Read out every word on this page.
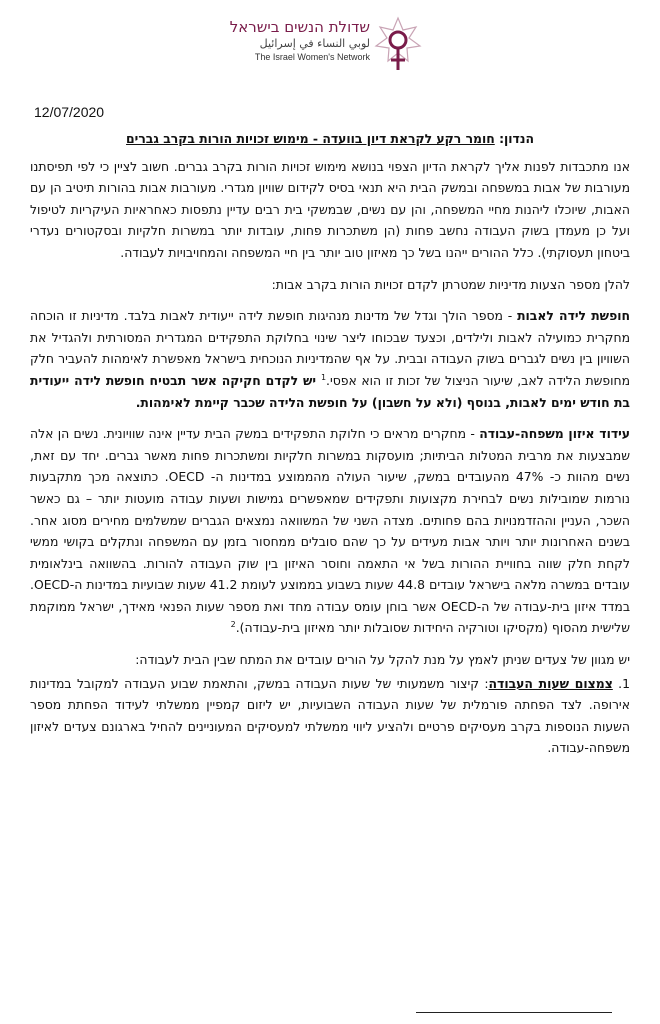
שדולת הנשים בישראל
لوبي النساء في إسرائيل
The Israel Women's Network
12/07/2020

הנדון: חומר רקע לקראת דיון בוועדה - מימוש זכויות הורות בקרב גברים

אנו מתכבדות לפנות אליך לקראת הדיון הצפוי בנושא מימוש זכויות הורות בקרב גברים. חשוב לציין כי לפי תפיסתנו מעורבות של אבות במשפחה ובמשק הבית היא תנאי בסיס לקידום שוויון מגדרי. מעורבות אבות בהורות תיטיב הן עם האבות, שיוכלו ליהנות מחיי המשפחה, והן עם נשים, שבמשקי בית רבים עדיין נתפסות כאחראיות העיקריות לטיפול ועל כן מעמדן בשוק העבודה נחשב פחות (הן משתכרות פחות, עובדות יותר במשרות חלקיות ובסקטורים נעדרי ביטחון תעסוקתי). כלל ההורים ייהנו בשל כך מאיזון טוב יותר בין חיי המשפחה והמחויבויות לעבודה.

להלן מספר הצעות מדיניות שמטרתן לקדם זכויות הורות בקרב אבות:

חופשת לידה לאבות - מספר הולך וגדל של מדינות מנהיגות חופשת לידה ייעודית לאבות בלבד. מדיניות זו הוכחה מחקרית כמועילה לאבות ולילדים, וכצעד שבכוחו ליצר שינוי בחלוקת התפקידים המגדרית המסורתית ולהגדיל את השוויון בין נשים לגברים בשוק העבודה ובבית. על אף שהמדיניות הנוכחית בישראל מאפשרת לאימהות להעביר חלק מחופשת הלידה לאב, שיעור הניצול של זכות זו הוא אפסי.$^1$ יש לקדם חקיקה אשר תבטיח חופשת לידה ייעודית בת חודש ימים לאבות, בנוסף (ולא על חשבון) על חופשת הלידה שכבר קיימת לאימהות.

עידוד איזון משפחה-עבודה - מחקרים מראים כי חלוקת התפקידים במשק הבית עדיין אינה שוויונית. נשים הן אלה שמבצעות את מרבית המטלות הביתיות; מועסקות במשרות חלקיות ומשתכרות פחות מאשר גברים. יחד עם זאת, נשים מהוות כ- 47% מהעובדים במשק, שיעור העולה מהממוצע במדינות ה- OECD. כתוצאה מכך מתקבעות נורמות שמובילות נשים לבחירת מקצועות ותפקידים שמאפשרים גמישות ושעות עבודה מועטות יותר – גם כאשר השכר, העניין וההזדמנויות בהם פחותים. מצדה השני של המשוואה נמצאים הגברים שמשלמים מחירים מסוג אחר. בשנים האחרונות יותר ויותר אבות מעידים על כך שהם סובלים ממחסור בזמן עם המשפחה ונתקלים בקושי ממשי לקחת חלק שווה בחוויית ההורות בשל אי התאמה וחוסר האיזון בין שוק העבודה להורות. בהשוואה בינלאומית עובדים במשרה מלאה בישראל עובדים 44.8 שעות בשבוע בממוצע לעומת 41.2 שעות שבועיות במדינות ה-OECD. במדד איזון בית-עבודה של ה-OECD אשר בוחן עומס עבודה מחד ואת מספר שעות הפנאי מאידך, ישראל ממוקמת שלישית מהסוף (מקסיקו וטורקיה היחידות שסובלות יותר מאיזון בית-עבודה).$^2$

יש מגוון של צעדים שניתן לאמץ על מנת להקל על הורים עובדים את המתח שבין הבית לעבודה:

1. צמצום שעות העבודה: קיצור משמעותי של שעות העבודה במשק, והתאמת שבוע העבודה למקובל במדינות אירופה. לצד הפחתה פורמלית של שעות העבודה השבועיות, יש ליזום קמפיין ממשלתי לעידוד הפחתת מספר השעות הנוספות בקרב מעסיקים פרטיים ולהציע ליווי ממשלתי למעסיקים המעוניינים להחיל בארגונם צעדים לאיזון משפחה-עבודה.
